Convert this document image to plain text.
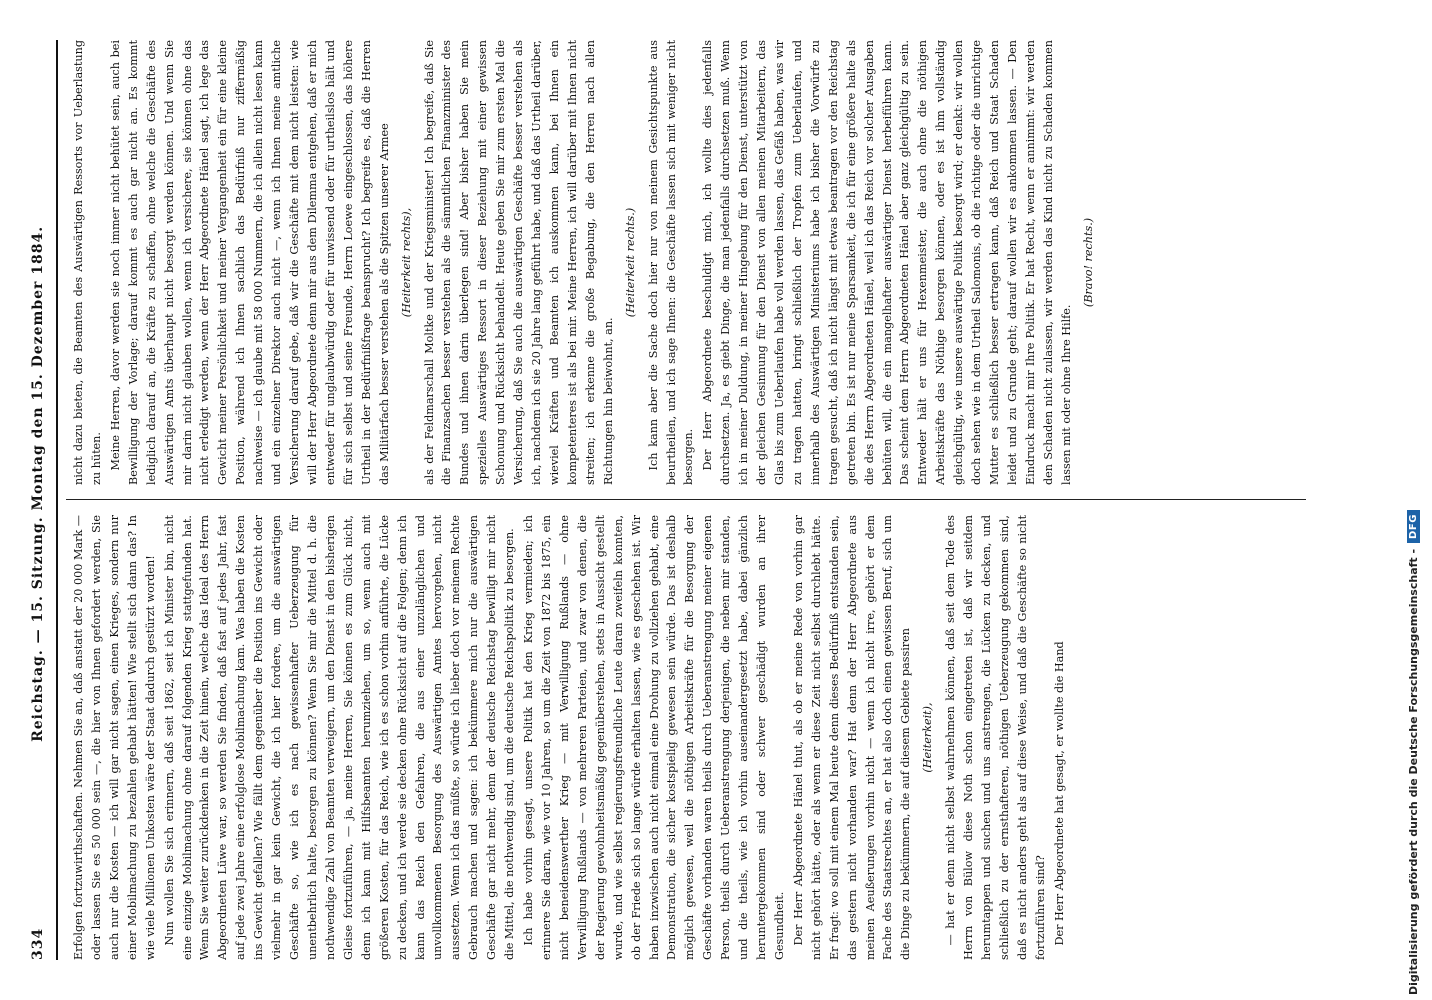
334
Reichstag. — 15. Sitzung. Montag den 15. Dezember 1884. Erfolgen fortzuwirthschaften. Nehmen Sie an, daß anstatt der 20 000 Mark — oder lassen Sie es 50 000 sein —, die hier von Ihnen gefordert werden, Sie auch nur die Kosten — ich will gar nicht sagen, einen Krieges, sondern nur einer Mobilmachung zu bezahlen gehabt hätten! Wie stellt sich dann das? In wie viele Millionen Unkosten wäre der Staat dadurch gestürzt worden! Nun wollen Sie sich erinnern, daß seit 1862, seit ich Minister bin, nicht eine einzige Mobilmachung ohne darauf folgenden Krieg stattgefunden hat. Wenn Sie weiter zurückdenken in die Zeit hinein, welche das Ideal des Herrn Abgeordneten Lüwe war, so werden Sie finden, daß fast auf jedes Jahr, fast auf jede zwei Jahre eine erfolglose Mobilmachung kam. Was haben die Kosten ins Gewicht gefallen? Wie fällt dem gegenüber die Position ins Gewicht oder vielmehr in gar kein Gewicht, die ich hier fordere, um die auswärtigen Geschäfte so, wie ich es nach gewissenhafter Ueberzeugung für unentbehrlich halte, besorgen zu können? Wenn Sie mir die Mittel d. h. die nothwendige Zahl von Beamten verweigern, um den Dienst in den bisherigen Gleise fortzuführen, — ja, meine Herren, Sie können es zum Glück nicht, denn ich kann mit Hilfsbeamten herumziehen, um so, wenn auch mit größeren Kosten, für das Reich, wie ich es schon vorhin anführte, die Lücke zu decken, und ich werde sie decken ohne Rücksicht auf die Folgen; denn ich kann das Reich den Gefahren, die aus einer unzulänglichen und unvollkommenen Besorgung des Auswärtigen Amtes hervorgehen, nicht aussetzen. Wenn ich das müßte, so würde ich lieber doch vor meinem Rechte Gebrauch machen und sagen: ich bekümmere mich nur die auswärtigen Geschäfte gar nicht mehr, denn der deutsche Reichstag bewilligt mir nicht die Mittel, die nothwendig sind, um die deutsche Reichspolitik zu besorgen. Ich habe vorhin gesagt, unsere Politik hat den Krieg vermieden; ich erinnere Sie daran, wie vor 10 Jahren, so um die Zeit von 1872 bis 1875, ein nicht beneidenswerther Krieg — mit Verwilligung Rußlands — ohne Verwilligung Rußlands — von mehreren Parteien, und zwar von denen, die der Regierung gewohnheitsmäßig gegenüberstehen, stets in Aussicht gestellt wurde, und wie selbst regierungsfreundliche Leute daran zweifeln konnten, ob der Friede sich so lange würde erhalten lassen, wie es geschehen ist. Wir haben inzwischen auch nicht einmal eine Drohung zu vollziehen gehabt, eine Demonstration, die sicher kostspielig gewesen sein würde. Das ist deshalb möglich gewesen, weil die nöthigen Arbeitskräfte für die Besorgung der Geschäfte vorhanden waren theils durch Ueberanstrengung meiner eigenen Person, theils durch Ueberanstrengung derjenigen, die neben mir standen, und die theils, wie ich vorhin auseinandergesetzt habe, dabei gänzlich heruntergekommen sind oder schwer geschädigt wurden an ihrer Gesundheit. Der Herr Abgeordnete Hänel thut, als ob er meine Rede von vorhin gar nicht gehört hätte, oder als wenn er diese Zeit nicht selbst durchlebt hätte. Er fragt: wo soll mit einem Mal heute denn dieses Bedürfniß entstanden sein, das gestern nicht vorhanden war? Hat denn der Herr Abgeordnete aus meinen Aeußerungen vorhin nicht — wenn ich nicht irre, gehört er dem Fache des Staatsrechtes an, er hat also doch einen gewissen Beruf, sich um die Dinge zu bekümmern, die auf diesem Gebiete passiren (Heiterkeit), — hat er denn nicht selbst wahrnehmen können, daß seit dem Tode des Herrn von Bülow diese Noth schon eingetreten ist, daß wir seitdem herumtappen und suchen und uns anstrengen, die Lücken zu decken, und schließlich zu der ernsthafteren, nöthigen Ueberzeugung gekommen sind, daß es nicht anders geht als auf diese Weise, und daß die Geschäfte so nicht fortzuführen sind? Der Herr Abgeordnete hat gesagt, er wollte die Hand

nicht dazu bieten, die Beamten des Auswärtigen Ressorts vor Ueberlastung zu hüten. Meine Herren, davor werden sie noch immer nicht behütet sein, auch bei Bewilligung der Vorlage; darauf kommt es auch gar nicht an. Es kommt lediglich darauf an, die Kräfte zu schaffen, ohne welche die Geschäfte des Auswärtigen Amts überhaupt nicht besorgt werden können. Und wenn Sie mir darin nicht glauben wollen, wenn ich versichere, sie können ohne das nicht erledigt werden, wenn der Herr Abgeordnete Hänel sagt, ich lege das Gewicht meiner Persönlichkeit und meiner Vergangenheit ein für eine kleine Position, während ich Ihnen sachlich das Bedürfniß nur ziffermäßig nachweise — ich glaube mit 58 000 Nummern, die ich allein nicht lesen kann und ein einzelner Direktor auch nicht —, wenn ich Ihnen meine amtliche Versicherung darauf gebe, daß wir die Geschäfte mit dem nicht leisten: wie will der Herr Abgeordnete denn mir aus dem Dilemma entgehen, daß er mich entweder für unglaubwürdig oder für unwissend oder für urtheilslos hält und für sich selbst und seine Freunde, Herrn Loewe eingeschlossen, das höhere Urtheil in der Bedürfnißfrage beansprucht? Ich begreife es, daß die Herren das Militärfach besser verstehen als die Spitzen unserer Armee (Heiterkeit rechts), als der Feldmarschall Moltke und der Kriegsminister! Ich begreife, daß Sie die Finanzsachen besser verstehen als die sämmtlichen Finanzminister des Bundes und ihnen darin überlegen sind! Aber bisher haben Sie mein spezielles Auswärtiges Ressort in dieser Beziehung mit einer gewissen Schonung und Rücksicht behandelt. Heute geben Sie mir zum ersten Mal die Versicherung, daß Sie auch die auswärtigen Geschäfte besser verstehen als ich, nachdem ich sie 20 Jahre lang geführt habe, und daß das Urtheil darüber, wieviel Kräften und Beamten ich auskommen kann, bei Ihnen ein kompetenteres ist als bei mir. Meine Herren, ich will darüber mit Ihnen nicht streiten; ich erkenne die große Begabung, die den Herren nach allen Richtungen hin beiwohnt, an.

(Heiterkeit rechts.) Ich kann aber die Sache doch hier nur von meinem Gesichtspunkte aus beurtheilen, und ich sage Ihnen: die Geschäfte lassen sich mit weniger nicht besorgen. Der Herr Abgeordnete beschuldigt mich, ich wollte dies jedenfalls durchsetzen. Ja, es giebt Dinge, die man jedenfalls durchsetzen muß. Wenn ich in meiner Duldung, in meiner Hingebung für den Dienst, unterstützt von der gleichen Gesinnung für den Dienst von allen meinen Mitarbeitern, das Glas bis zum Ueberlaufen habe voll werden lassen, das Gefäß haben, was wir zu tragen hatten, bringt schließlich der Tropfen zum Ueberlaufen, und innerhalb des Auswärtigen Ministeriums habe ich bisher die Vorwürfe zu tragen gesucht, daß ich nicht längst mit etwas beantragen vor den Reichstag getreten bin. Es ist nur meine Sparsamkeit, die ich für eine größere halte als die des Herrn Abgeordneten Hänel, weil ich das Reich vor solcher Ausgaben behüten will, die ein mangelhafter auswärtiger Dienst herbeiführen kann. Das scheint dem Herrn Abgeordneten Hänel aber ganz gleichgültig zu sein. Entweder hält er uns für Hexenmeister, die auch ohne die nöthigen Arbeitskräfte das Nöthige besorgen können, oder es ist ihm vollständig gleichgültig, wie unsere auswärtige Politik besorgt wird; er denkt: wir wollen doch sehen wie in dem Urtheil Salomonis, ob die richtige oder die unrichtige Mutter es schließlich besser ertragen kann, daß Reich und Staat Schaden leidet und zu Grunde geht; darauf wollen wir es ankommen lassen. — Den Eindruck macht mir Ihre Politik. Er hat Recht, wenn er annimmt: wir werden den Schaden nicht zulassen, wir werden das Kind nicht zu Schaden kommen lassen mit oder ohne Ihre Hilfe.

(Bravo! rechts.)

Digitalisierung gefördert durch die Deutsche Forschungsgemeinschaft -
DFG
